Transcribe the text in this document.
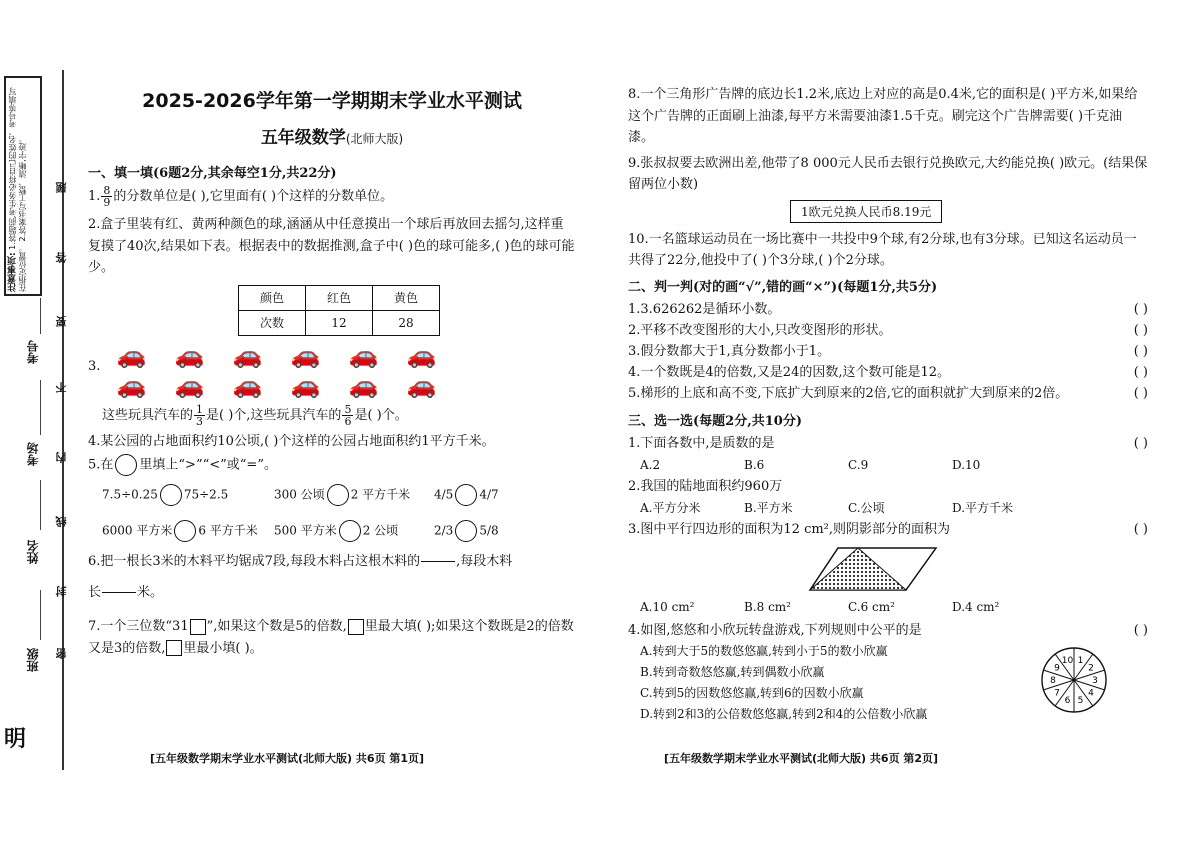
注意事项: 1.答题前,考生务必将自己的姓名、考号等填写在指定位置。 2.答案书写工整、清晰,字迹。
班级
姓名
考场
考号
密
封
线
内
不
要
答
题
明
2025-2026学年第一学期期末学业水平测试
五年级数学(北师大版)
一、填一填(6题2分,其余每空1分,共22分)
1. $\frac{8}{9}$ 的分数单位是( ),它里面有( )个这样的分数单位。

2.盒子里装有红、黄两种颜色的球,涵涵从中任意摸出一个球后再放回去摇匀,这样重复摸了40次,结果如下表。根据表中的数据推测,盒子中( )色的球可能多,( )色的球可能少。

颜色	红色	黄色
次数	12	28
3. 🚗	🚗	🚗	🚗	🚗	🚗
🚗	🚗	🚗	🚗	🚗	🚗
这些玩具汽车的 $\frac{1}{3}$ 是( )个,这些玩具汽车的 $\frac{5}{6}$ 是( )个。

4.某公园的占地面积约10公顷,( )个这样的公园占地面积约1平方千米。

5.在 里填上“>”“<”或“=”。
7.5÷0.25 75÷2.5	300 公顷 2 平方千米	4/5 4/7
6000 平方米 6 平方千米	500 平方米 2 公顷	2/3 5/8
6.把一根长3米的木料平均锯成7段,每段木料占这根木料的	,每段木料
长	米。
7.一个三位数“31 ”,如果这个数是5的倍数, 里最大填( );如果这个数既是2的倍数又是3的倍数, 里最小填( )。
[五年级数学期末学业水平测试(北师大版) 共6页 第1页]

8.一个三角形广告牌的底边长1.2米,底边上对应的高是0.4米,它的面积是( )平方米,如果给这个广告牌的正面刷上油漆,每平方米需要油漆1.5千克。刷完这个广告牌需要( )千克油漆。

9.张叔叔要去欧洲出差,他带了8 000元人民币去银行兑换欧元,大约能兑换( )欧元。(结果保留两位小数)

1欧元兑换人民币8.19元

10.一名篮球运动员在一场比赛中一共投中9个球,有2分球,也有3分球。已知这名运动员一共得了22分,他投中了( )个3分球,( )个2分球。

二、判一判(对的画“√”,错的画“×”)(每题1分,共5分)
1.3.626262是循环小数。	( )
2.平移不改变图形的大小,只改变图形的形状。	( )
3.假分数都大于1,真分数都小于1。	( )
4.一个数既是4的倍数,又是24的因数,这个数可能是12。	( )
5.梯形的上底和高不变,下底扩大到原来的2倍,它的面积就扩大到原来的2倍。	( )
三、选一选(每题2分,共10分)
1.下面各数中,是质数的是	( )
A.2	B.6	C.9	D.10
2.我国的陆地面积约960万
A.平方分米	B.平方米	C.公顷	D.平方千米
3.图中平行四边形的面积为12 cm²,则阴影部分的面积为	( )
A.10 cm²	B.8 cm²	C.6 cm²	D.4 cm²
4.如图,悠悠和小欣玩转盘游戏,下列规则中公平的是	( )
A.转到大于5的数悠悠赢,转到小于5的数小欣赢
B.转到奇数悠悠赢,转到偶数小欣赢
C.转到5的因数悠悠赢,转到6的因数小欣赢
D.转到2和3的公倍数悠悠赢,转到2和4的公倍数小欣赢
1
2
3
4
5
6
7
8
9
10
[五年级数学期末学业水平测试(北师大版) 共6页 第2页]
